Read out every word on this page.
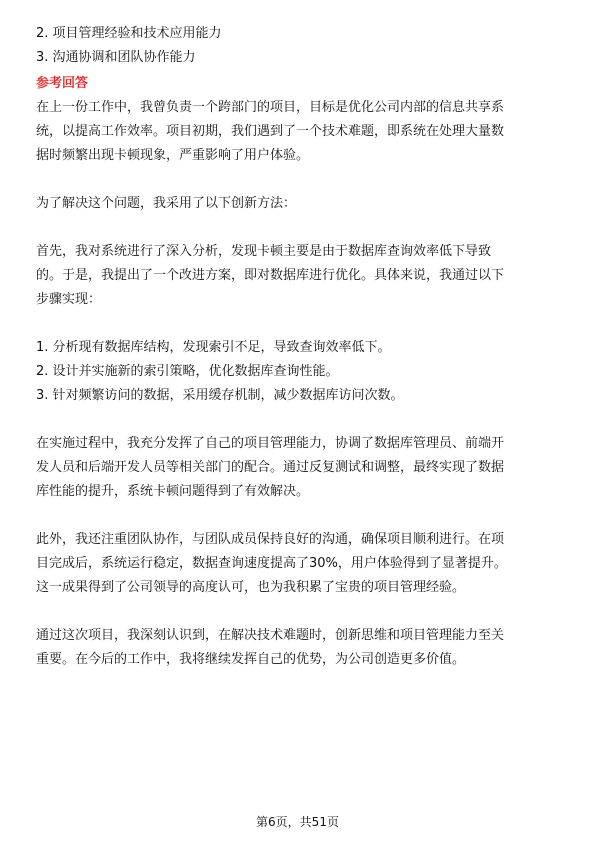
2. 项目管理经验和技术应用能力
3. 沟通协调和团队协作能力
参考回答
在上一份工作中，我曾负责一个跨部门的项目，目标是优化公司内部的信息共享系
统，以提高工作效率。项目初期，我们遇到了一个技术难题，即系统在处理大量数
据时频繁出现卡顿现象，严重影响了用户体验。
为了解决这个问题，我采用了以下创新方法：
首先，我对系统进行了深入分析，发现卡顿主要是由于数据库查询效率低下导致
的。于是，我提出了一个改进方案，即对数据库进行优化。具体来说，我通过以下
步骤实现：
1. 分析现有数据库结构，发现索引不足，导致查询效率低下。
2. 设计并实施新的索引策略，优化数据库查询性能。
3. 针对频繁访问的数据，采用缓存机制，减少数据库访问次数。
在实施过程中，我充分发挥了自己的项目管理能力，协调了数据库管理员、前端开
发人员和后端开发人员等相关部门的配合。通过反复测试和调整，最终实现了数据
库性能的提升，系统卡顿问题得到了有效解决。
此外，我还注重团队协作，与团队成员保持良好的沟通，确保项目顺利进行。在项
目完成后，系统运行稳定，数据查询速度提高了30%，用户体验得到了显著提升。
这一成果得到了公司领导的高度认可，也为我积累了宝贵的项目管理经验。
通过这次项目，我深刻认识到，在解决技术难题时，创新思维和项目管理能力至关
重要。在今后的工作中，我将继续发挥自己的优势，为公司创造更多价值。
第6页，共51页
